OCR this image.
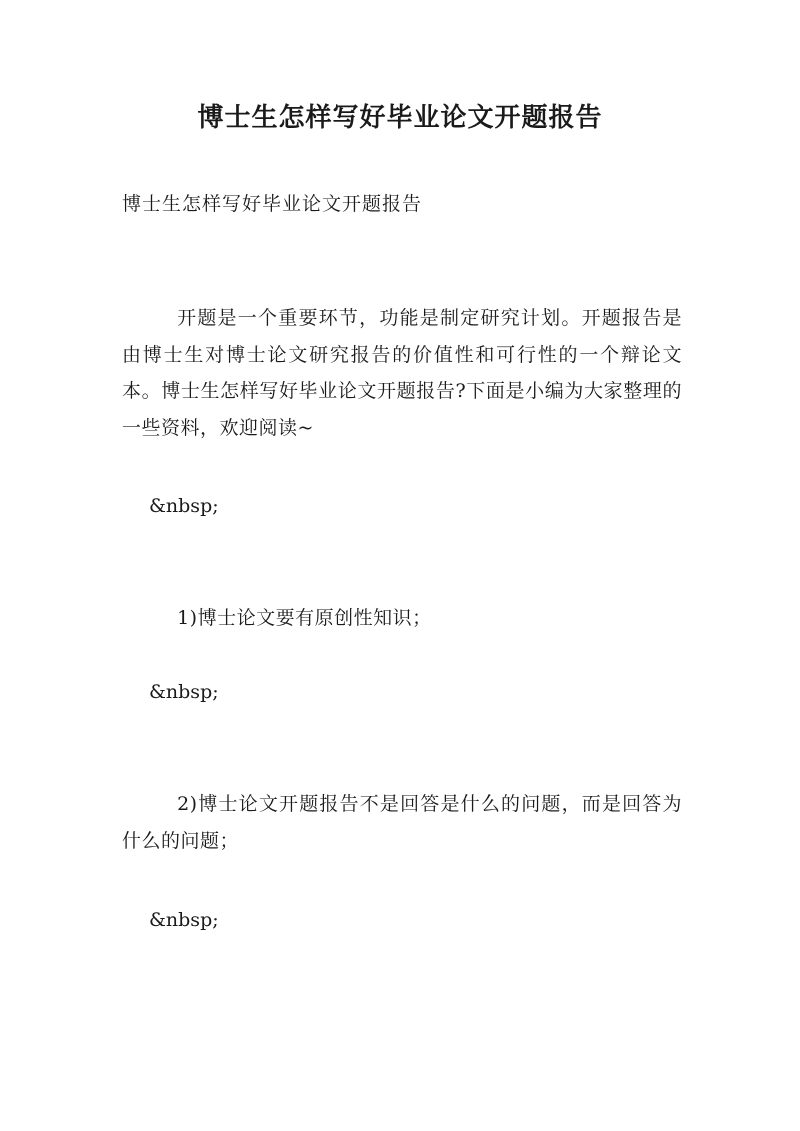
博士生怎样写好毕业论文开题报告

博士生怎样写好毕业论文开题报告

开题是一个重要环节，功能是制定研究计划。开题报告是由博士生对博士论文研究报告的价值性和可行性的一个辩论文本。博士生怎样写好毕业论文开题报告?下面是小编为大家整理的一些资料，欢迎阅读~

&nbsp;

1)博士论文要有原创性知识；

&nbsp;

2)博士论文开题报告不是回答是什么的问题，而是回答为什么的问题；

&nbsp;
